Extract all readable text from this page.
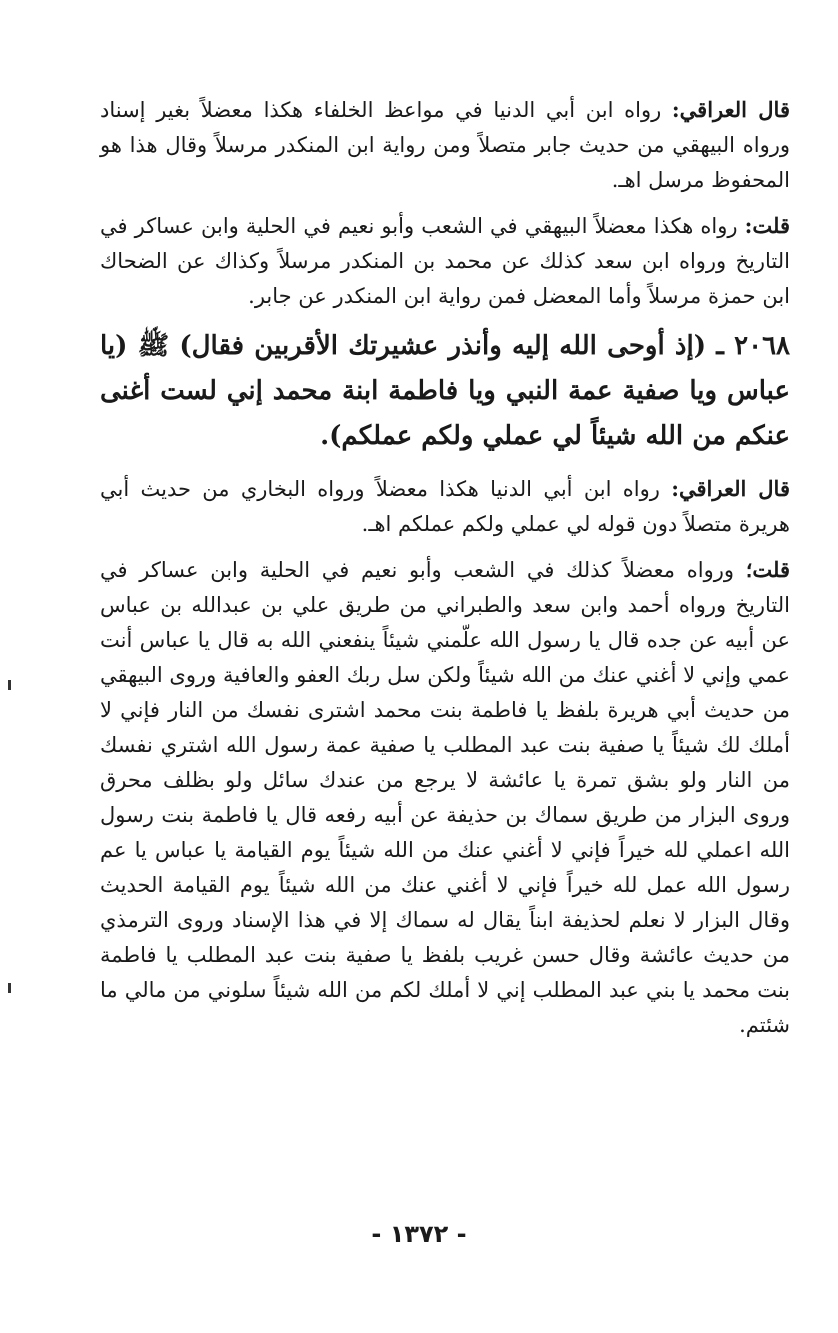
قال العراقي: رواه ابن أبي الدنيا في مواعظ الخلفاء هكذا معضلاً بغير إسناد ورواه البيهقي من حديث جابر متصلاً ومن رواية ابن المنكدر مرسلاً وقال هذا هو المحفوظ مرسل اهـ.

قلت: رواه هكذا معضلاً البيهقي في الشعب وأبو نعيم في الحلية وابن عساكر في التاريخ ورواه ابن سعد كذلك عن محمد بن المنكدر مرسلاً وكذاك عن الضحاك ابن حمزة مرسلاً وأما المعضل فمن رواية ابن المنكدر عن جابر.

٢٠٦٨ ـ (إذ أوحى الله إليه وأنذر عشيرتك الأقربين فقال) ﷺ (يا عباس ويا صفية عمة النبي ويا فاطمة ابنة محمد إني لست أغنى عنكم من الله شيئاً لي عملي ولكم عملكم).

قال العراقي: رواه ابن أبي الدنيا هكذا معضلاً ورواه البخاري من حديث أبي هريرة متصلاً دون قوله لي عملي ولكم عملكم اهـ.

قلت؛ ورواه معضلاً كذلك في الشعب وأبو نعيم في الحلية وابن عساكر في التاريخ ورواه أحمد وابن سعد والطبراني من طريق علي بن عبدالله بن عباس عن أبيه عن جده قال يا رسول الله علّمني شيئاً ينفعني الله به قال يا عباس أنت عمي وإني لا أغني عنك من الله شيئاً ولكن سل ربك العفو والعافية وروى البيهقي من حديث أبي هريرة بلفظ يا فاطمة بنت محمد اشترى نفسك من النار فإني لا أملك لك شيئاً يا صفية بنت عبد المطلب يا صفية عمة رسول الله اشتري نفسك من النار ولو بشق تمرة يا عائشة لا يرجع من عندك سائل ولو بظلف محرق وروى البزار من طريق سماك بن حذيفة عن أبيه رفعه قال يا فاطمة بنت رسول الله اعملي لله خيراً فإني لا أغني عنك من الله شيئاً يوم القيامة يا عباس يا عم رسول الله عمل لله خيراً فإني لا أغني عنك من الله شيئاً يوم القيامة الحديث وقال البزار لا نعلم لحذيفة ابناً يقال له سماك إلا في هذا الإسناد وروى الترمذي من حديث عائشة وقال حسن غريب بلفظ يا صفية بنت عبد المطلب يا فاطمة بنت محمد يا بني عبد المطلب إني لا أملك لكم من الله شيئاً سلوني من مالي ما شئتم.

- ١٣٧٢ -
